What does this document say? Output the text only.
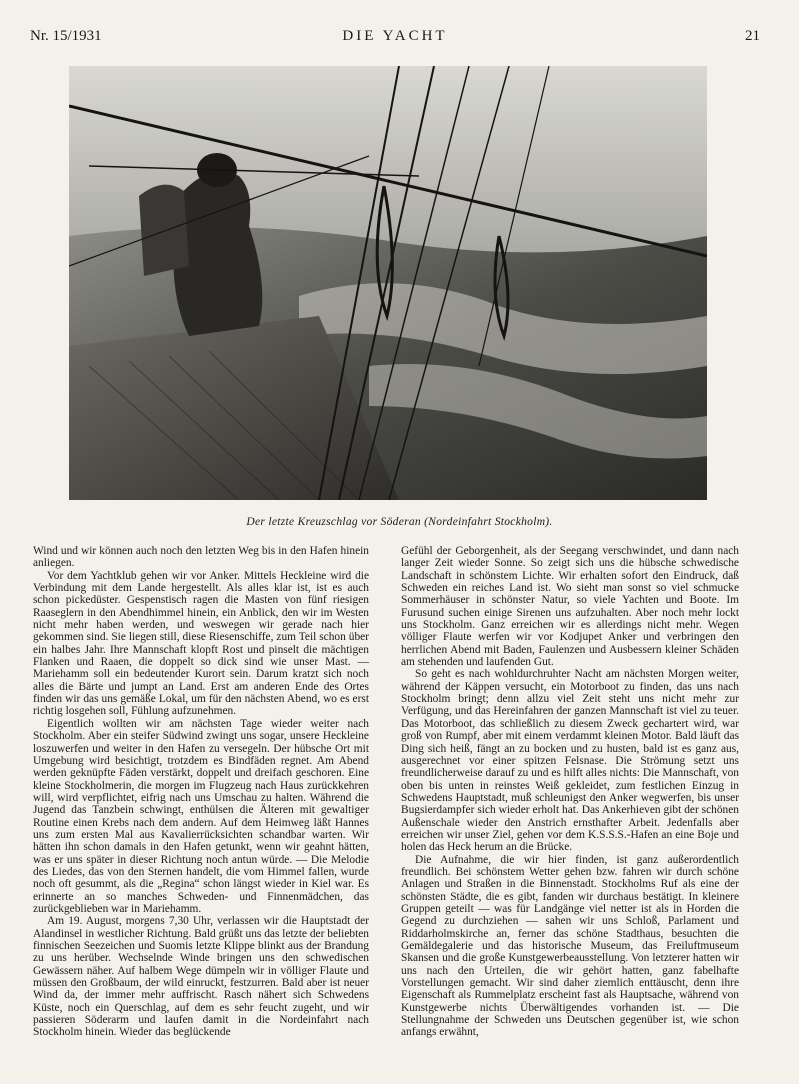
Nr. 15/1931	DIE YACHT	21
Der letzte Kreuzschlag vor Söderan (Nordeinfahrt Stockholm).

Wind und wir können auch noch den letzten Weg bis in den Hafen hinein anliegen.

Vor dem Yachtklub gehen wir vor Anker. Mittels Heckleine wird die Verbindung mit dem Lande hergestellt. Als alles klar ist, ist es auch schon pickedüster. Gespenstisch ragen die Masten von fünf riesigen Raaseglern in den Abendhimmel hinein, ein Anblick, den wir im Westen nicht mehr haben werden, und weswegen wir gerade nach hier gekommen sind. Sie liegen still, diese Riesenschiffe, zum Teil schon über ein halbes Jahr. Ihre Mannschaft klopft Rost und pinselt die mächtigen Flanken und Raaen, die doppelt so dick sind wie unser Mast. — Mariehamm soll ein bedeutender Kurort sein. Darum kratzt sich noch alles die Bärte und jumpt an Land. Erst am anderen Ende des Ortes finden wir das uns gemäße Lokal, um für den nächsten Abend, wo es erst richtig losgehen soll, Fühlung aufzunehmen.

Eigentlich wollten wir am nächsten Tage wieder weiter nach Stockholm. Aber ein steifer Südwind zwingt uns sogar, unsere Heckleine loszuwerfen und weiter in den Hafen zu versegeln. Der hübsche Ort mit Umgebung wird besichtigt, trotzdem es Bindfäden regnet. Am Abend werden geknüpfte Fäden verstärkt, doppelt und dreifach geschoren. Eine kleine Stockholmerin, die morgen im Flugzeug nach Haus zurückkehren will, wird verpflichtet, eifrig nach uns Umschau zu halten. Während die Jugend das Tanzbein schwingt, enthülsen die Älteren mit gewaltiger Routine einen Krebs nach dem andern. Auf dem Heimweg läßt Hannes uns zum ersten Mal aus Kavalierrücksichten schandbar warten. Wir hätten ihn schon damals in den Hafen getunkt, wenn wir geahnt hätten, was er uns später in dieser Richtung noch antun würde. — Die Melodie des Liedes, das von den Sternen handelt, die vom Himmel fallen, wurde noch oft gesummt, als die „Regina“ schon längst wieder in Kiel war. Es erinnerte an so manches Schweden- und Finnenmädchen, das zurückgeblieben war in Mariehamm.

Am 19. August, morgens 7,30 Uhr, verlassen wir die Hauptstadt der Alandinsel in westlicher Richtung. Bald grüßt uns das letzte der beliebten finnischen Seezeichen und Suomis letzte Klippe blinkt aus der Brandung zu uns herüber. Wechselnde Winde bringen uns den schwedischen Gewässern näher. Auf halbem Wege dümpeln wir in völliger Flaute und müssen den Großbaum, der wild einruckt, festzurren. Bald aber ist neuer Wind da, der immer mehr auffrischt. Rasch nähert sich Schwedens Küste, noch ein Querschlag, auf dem es sehr feucht zugeht, und wir passieren Söderarm und laufen damit in die Nordeinfahrt nach Stockholm hinein. Wieder das beglückende

Gefühl der Geborgenheit, als der Seegang verschwindet, und dann nach langer Zeit wieder Sonne. So zeigt sich uns die hübsche schwedische Landschaft in schönstem Lichte. Wir erhalten sofort den Eindruck, daß Schweden ein reiches Land ist. Wo sieht man sonst so viel schmucke Sommerhäuser in schönster Natur, so viele Yachten und Boote. Im Furusund suchen einige Sirenen uns aufzuhalten. Aber noch mehr lockt uns Stockholm. Ganz erreichen wir es allerdings nicht mehr. Wegen völliger Flaute werfen wir vor Kodjupet Anker und verbringen den herrlichen Abend mit Baden, Faulenzen und Ausbessern kleiner Schäden am stehenden und laufenden Gut.

So geht es nach wohldurchruhter Nacht am nächsten Morgen weiter, während der Käppen versucht, ein Motorboot zu finden, das uns nach Stockholm bringt; denn allzu viel Zeit steht uns nicht mehr zur Verfügung, und das Hereinfahren der ganzen Mannschaft ist viel zu teuer. Das Motorboot, das schließlich zu diesem Zweck gechartert wird, war groß von Rumpf, aber mit einem verdammt kleinen Motor. Bald läuft das Ding sich heiß, fängt an zu bocken und zu husten, bald ist es ganz aus, ausgerechnet vor einer spitzen Felsnase. Die Strömung setzt uns freundlicherweise darauf zu und es hilft alles nichts: Die Mannschaft, von oben bis unten in reinstes Weiß gekleidet, zum festlichen Einzug in Schwedens Hauptstadt, muß schleunigst den Anker wegwerfen, bis unser Bugsierdampfer sich wieder erholt hat. Das Ankerhieven gibt der schönen Außenschale wieder den Anstrich ernsthafter Arbeit. Jedenfalls aber erreichen wir unser Ziel, gehen vor dem K.S.S.S.-Hafen an eine Boje und holen das Heck herum an die Brücke.

Die Aufnahme, die wir hier finden, ist ganz außerordentlich freundlich. Bei schönstem Wetter gehen bzw. fahren wir durch schöne Anlagen und Straßen in die Binnenstadt. Stockholms Ruf als eine der schönsten Städte, die es gibt, fanden wir durchaus bestätigt. In kleinere Gruppen geteilt — was für Landgänge viel netter ist als in Horden die Gegend zu durchziehen — sahen wir uns Schloß, Parlament und Riddarholmskirche an, ferner das schöne Stadthaus, besuchten die Gemäldegalerie und das historische Museum, das Freiluftmuseum Skansen und die große Kunstgewerbeausstellung. Von letzterer hatten wir uns nach den Urteilen, die wir gehört hatten, ganz fabelhafte Vorstellungen gemacht. Wir sind daher ziemlich enttäuscht, denn ihre Eigenschaft als Rummelplatz erscheint fast als Hauptsache, während von Kunstgewerbe nichts Überwältigendes vorhanden ist. — Die Stellungnahme der Schweden uns Deutschen gegenüber ist, wie schon anfangs erwähnt,
